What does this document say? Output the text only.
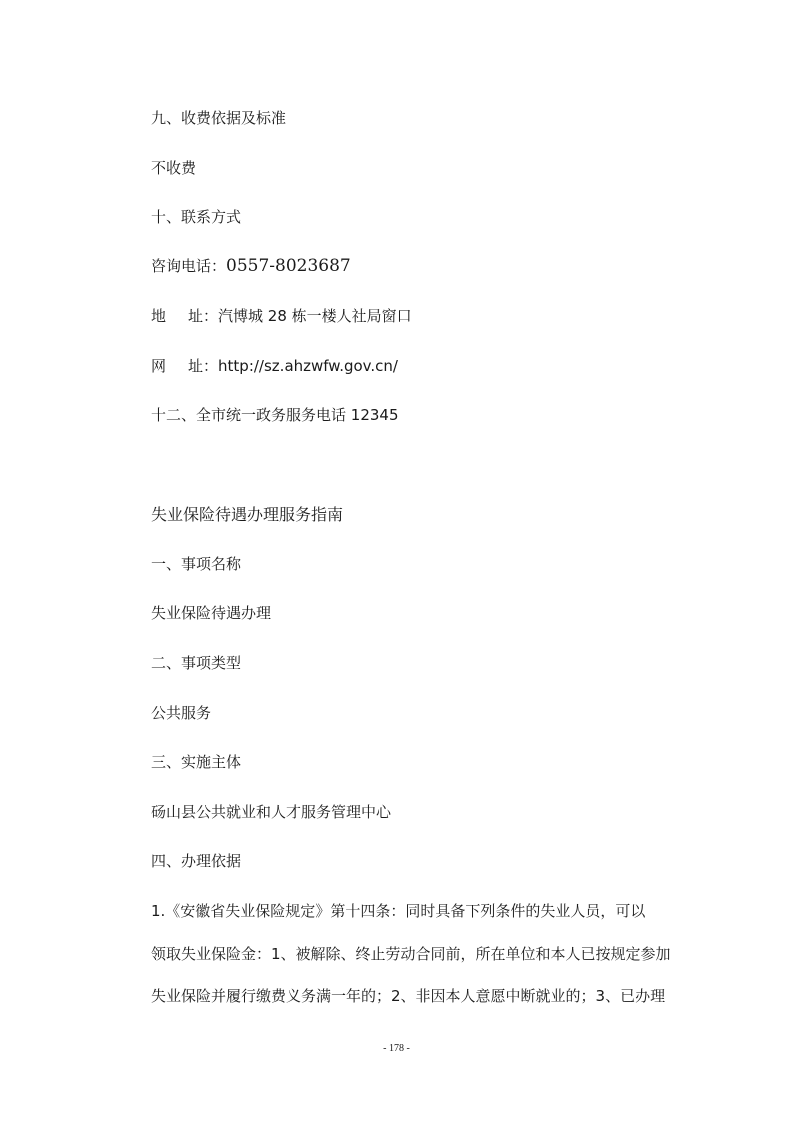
九、收费依据及标准
不收费
十、联系方式
咨询电话：0557-8023687
地 址：汽博城 28 栋一楼人社局窗口
网 址：http://sz.ahzwfw.gov.cn/
十二、全市统一政务服务电话 12345
失业保险待遇办理服务指南
一、事项名称
失业保险待遇办理
二、事项类型
公共服务
三、实施主体
砀山县公共就业和人才服务管理中心
四、办理依据
1.《安徽省失业保险规定》第十四条：同时具备下列条件的失业人员，可以
领取失业保险金：1、被解除、终止劳动合同前，所在单位和本人已按规定参加
失业保险并履行缴费义务满一年的；2、非因本人意愿中断就业的；3、已办理
- 178 -
